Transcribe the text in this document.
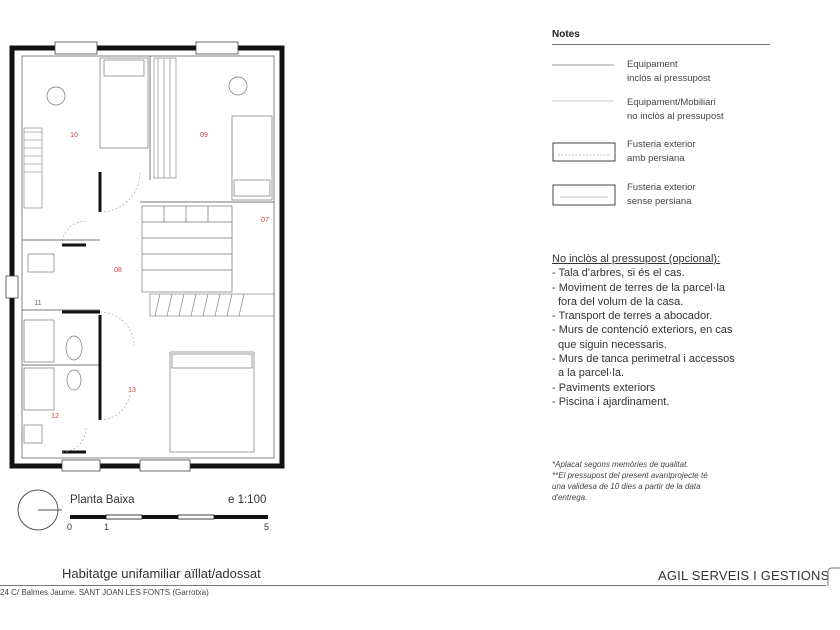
10	09
07
08
11
12
13
0	1	5
Planta Baixa	e 1:100
Notes
Equipament
inclòs al pressupost
Equipament/Mobiliari
no inclòs al pressupost
Fusteria exterior
amb persiana
Fusteria exterior
sense persiana
No inclòs al pressupost (opcional):
- Tala d'arbres, si és el cas.
- Moviment de terres de la parcel·la
fora del volum de la casa.
- Transport de terres a abocador.
- Murs de contenció exteriors, en cas
que siguin necessaris.
- Murs de tanca perimetral i accessos
a la parcel·la.
- Paviments exteriors
- Piscina i ajardinament.
*Aplacat segons memòries de qualitat.
**El pressupost del present avantprojecte té
una validesa de 10 dies a partir de la data
d'entrega.
Habitatge unifamiliar aïllat/adossat
24 C/ Balmes Jaume. SANT JOAN LES FONTS (Garrotxa)
AGIL SERVEIS I GESTIONS
